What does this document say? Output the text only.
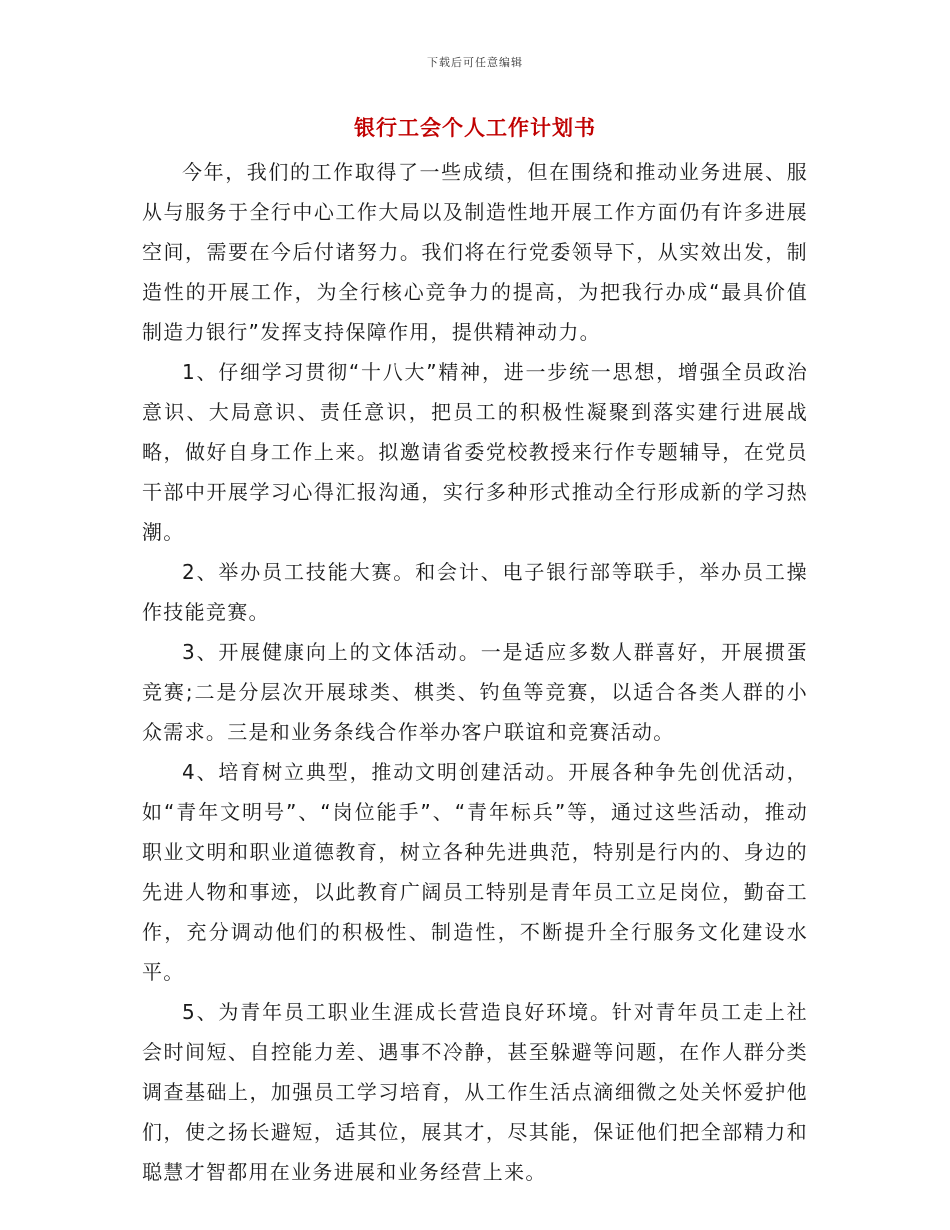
下载后可任意编辑
银行工会个人工作计划书

今年，我们的工作取得了一些成绩，但在围绕和推动业务进展、服从与服务于全行中心工作大局以及制造性地开展工作方面仍有许多进展空间，需要在今后付诸努力。我们将在行党委领导下，从实效出发，制造性的开展工作，为全行核心竞争力的提高，为把我行办成“最具价值制造力银行”发挥支持保障作用，提供精神动力。

1、仔细学习贯彻“十八大”精神，进一步统一思想，增强全员政治意识、大局意识、责任意识，把员工的积极性凝聚到落实建行进展战略，做好自身工作上来。拟邀请省委党校教授来行作专题辅导，在党员干部中开展学习心得汇报沟通，实行多种形式推动全行形成新的学习热潮。

2、举办员工技能大赛。和会计、电子银行部等联手，举办员工操作技能竞赛。

3、开展健康向上的文体活动。一是适应多数人群喜好，开展掼蛋竞赛;二是分层次开展球类、棋类、钓鱼等竞赛，以适合各类人群的小众需求。三是和业务条线合作举办客户联谊和竞赛活动。

4、培育树立典型，推动文明创建活动。开展各种争先创优活动，如“青年文明号”、“岗位能手”、“青年标兵”等，通过这些活动，推动职业文明和职业道德教育，树立各种先进典范，特别是行内的、身边的先进人物和事迹，以此教育广阔员工特别是青年员工立足岗位，勤奋工作，充分调动他们的积极性、制造性，不断提升全行服务文化建设水平。

5、为青年员工职业生涯成长营造良好环境。针对青年员工走上社会时间短、自控能力差、遇事不冷静，甚至躲避等问题，在作人群分类调查基础上，加强员工学习培育，从工作生活点滴细微之处关怀爱护他们，使之扬长避短，适其位，展其才，尽其能，保证他们把全部精力和聪慧才智都用在业务进展和业务经营上来。
